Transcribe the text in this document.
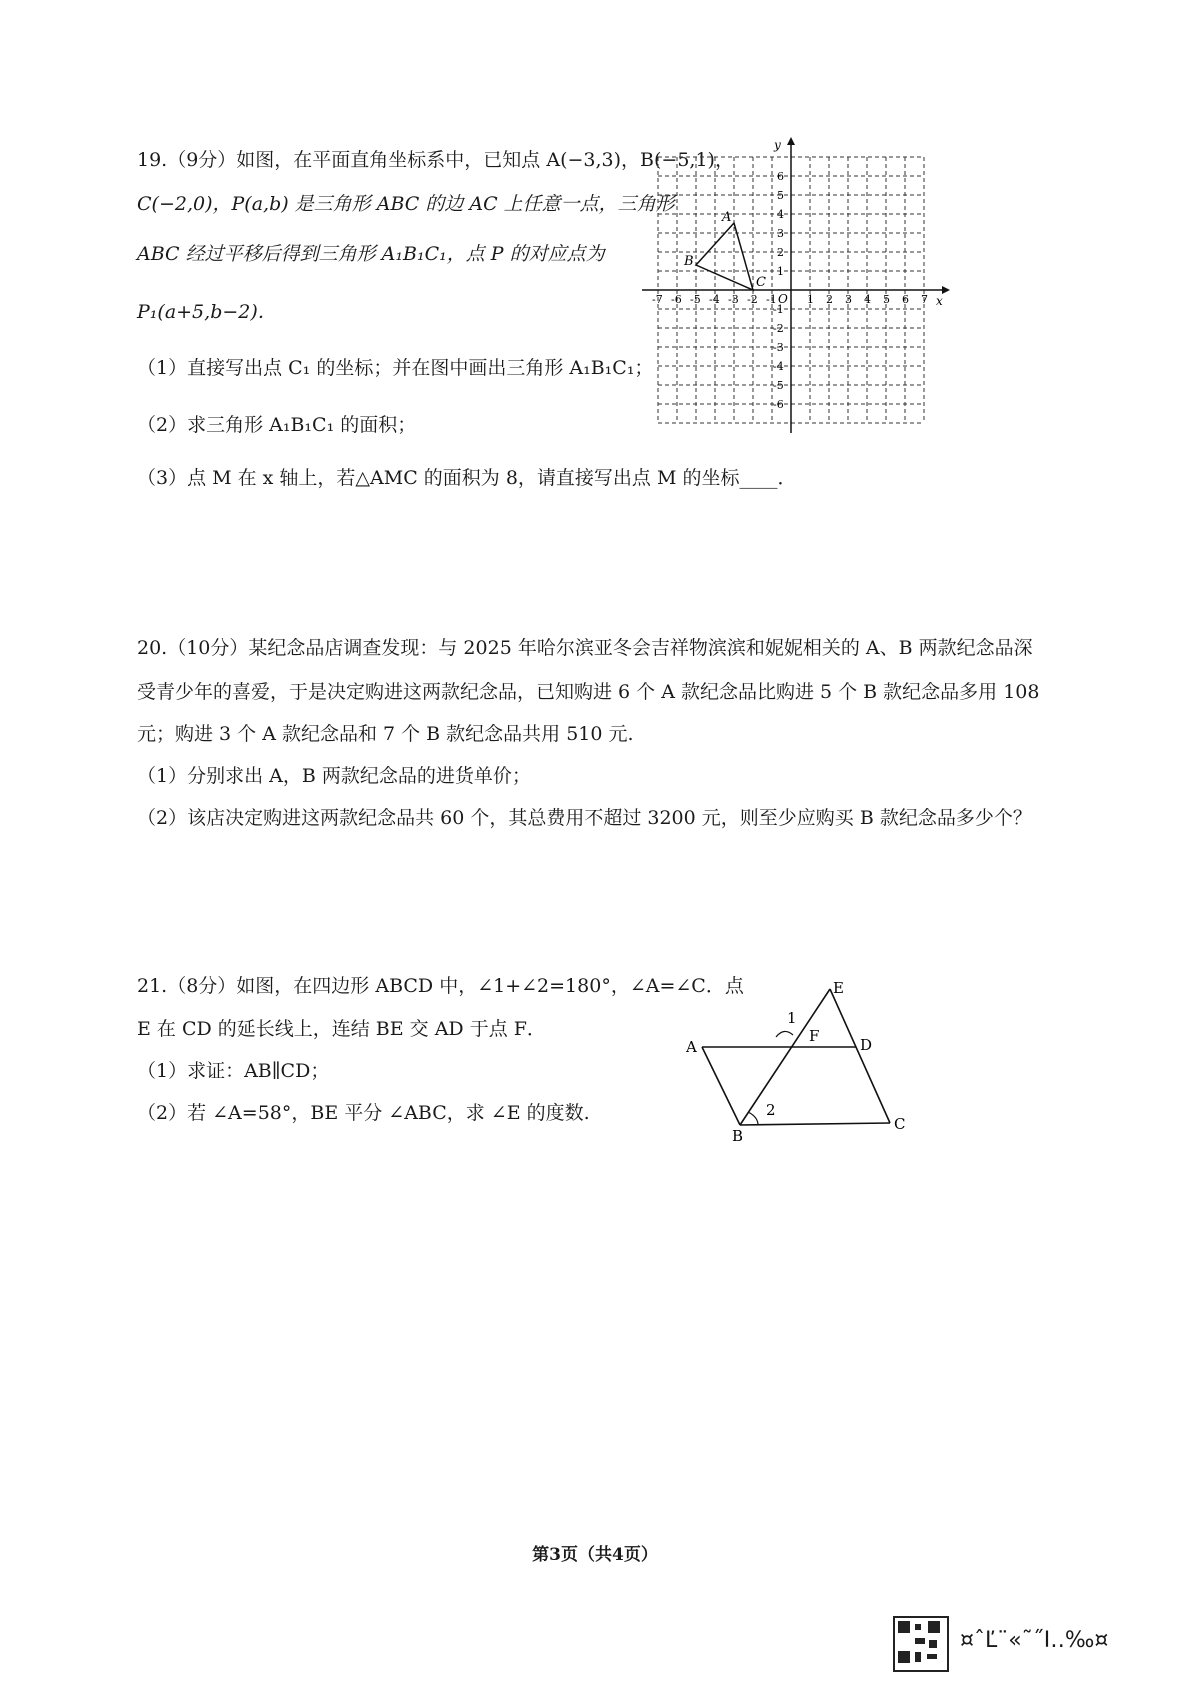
19.（9分）如图，在平面直角坐标系中，已知点 A(−3,3)，B(−5,1)，
C(−2,0)，P(a,b) 是三角形 ABC 的边 AC 上任意一点，三角形
ABC 经过平移后得到三角形 A₁B₁C₁，点 P 的对应点为
P₁(a+5,b−2)．
（1）直接写出点 C₁ 的坐标；并在图中画出三角形 A₁B₁C₁；
（2）求三角形 A₁B₁C₁ 的面积；
（3）点 M 在 x 轴上，若△AMC 的面积为 8，请直接写出点 M 的坐标____．
x
y
O
-7 -6 -5 -4 -3 -2 -1	1 2 3 4 5 6 7
1
2
3
4
5
6
-1
-2
-3
-4
-5
-6
A
B
C
20.（10分）某纪念品店调查发现：与 2025 年哈尔滨亚冬会吉祥物滨滨和妮妮相关的 A、B 两款纪念品深
受青少年的喜爱，于是决定购进这两款纪念品，已知购进 6 个 A 款纪念品比购进 5 个 B 款纪念品多用 108
元；购进 3 个 A 款纪念品和 7 个 B 款纪念品共用 510 元.
（1）分别求出 A，B 两款纪念品的进货单价；
（2）该店决定购进这两款纪念品共 60 个，其总费用不超过 3200 元，则至少应购买 B 款纪念品多少个？
21.（8分）如图，在四边形 ABCD 中，∠1+∠2=180°，∠A=∠C．点
E 在 CD 的延长线上，连结 BE 交 AD 于点 F．
（1）求证：AB∥CD；
（2）若 ∠A=58°，BE 平分 ∠ABC，求 ∠E 的度数.
A
B
C
D
E
F
1
2
第3页（共4页）
¤ˆĽ¨«˜˝Ι‥‰¤
